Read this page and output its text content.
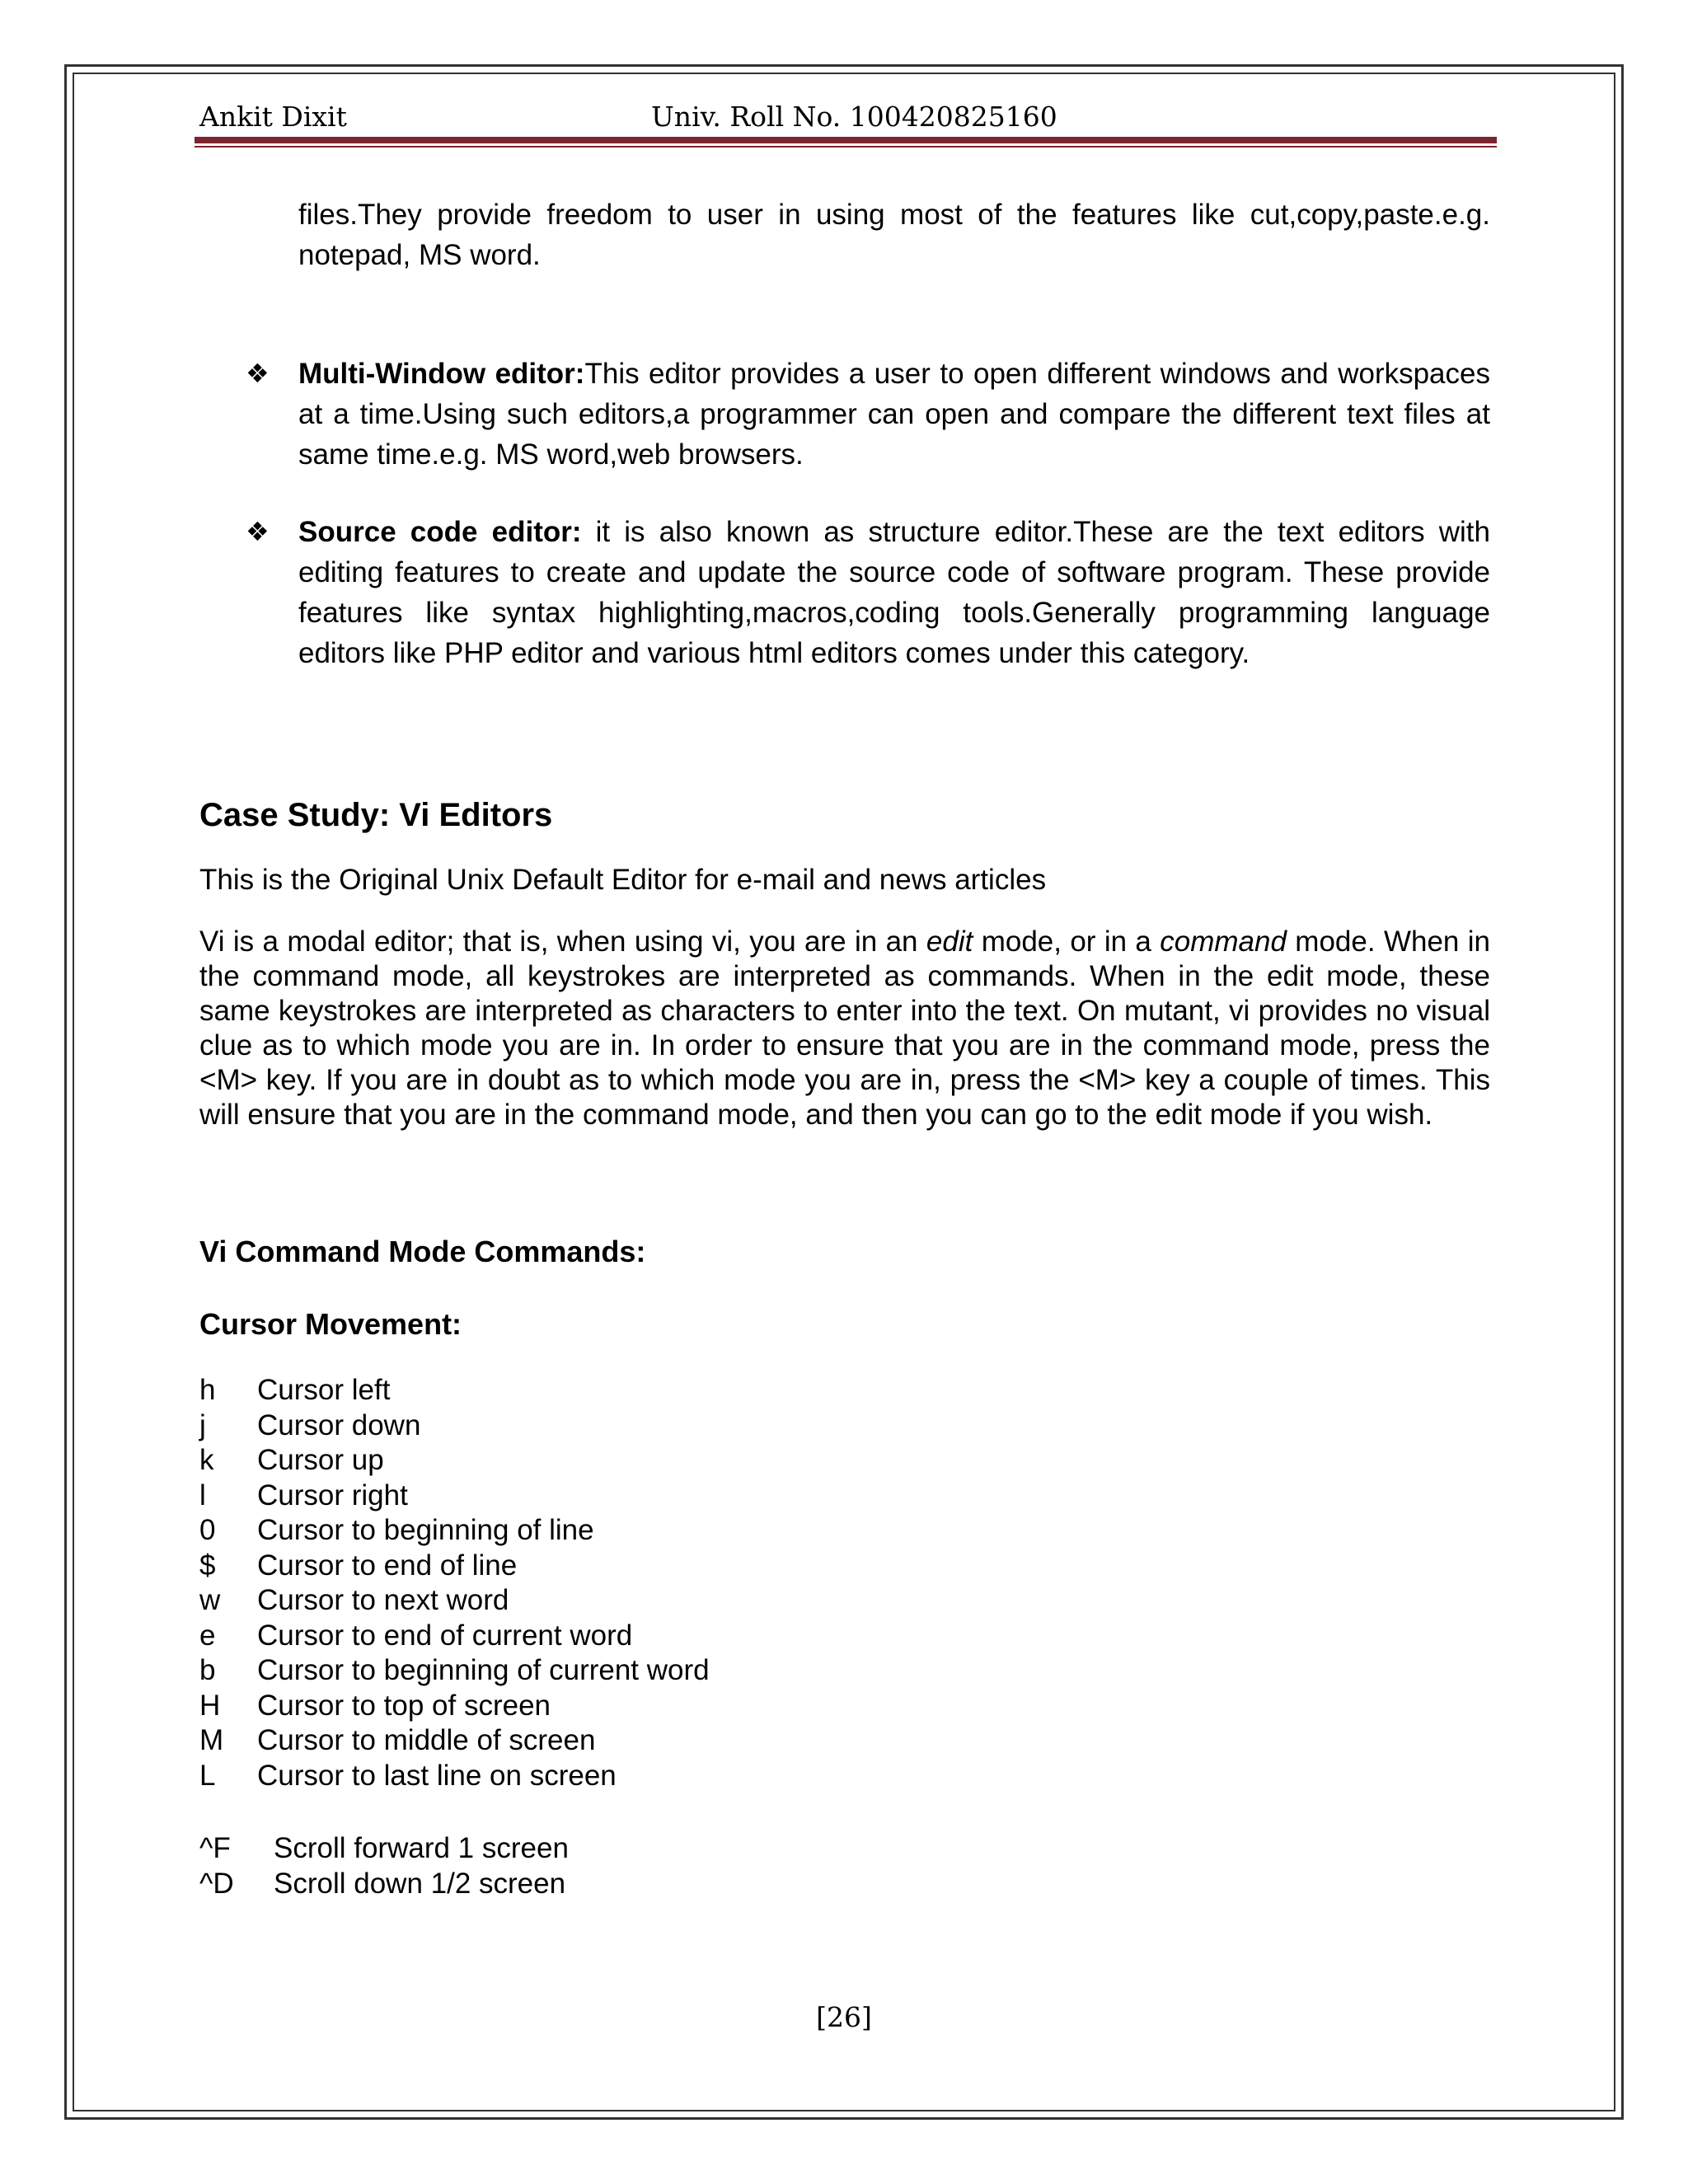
Ankit Dixit	Univ. Roll No. 100420825160
files.They provide freedom to user in using most of the features like cut,copy,paste.e.g. notepad, MS word.
❖ Multi-Window editor:This editor provides a user to open different windows and workspaces at a time.Using such editors,a programmer can open and compare the different text files at same time.e.g. MS word,web browsers.
❖ Source code editor: it is also known as structure editor.These are the text editors with editing features to create and update the source code of software program. These provide features like syntax highlighting,macros,coding tools.Generally programming language editors like PHP editor and various html editors comes under this category.
Case Study: Vi Editors
This is the Original Unix Default Editor for e-mail and news articles
Vi is a modal editor; that is, when using vi, you are in an edit mode, or in a command mode. When in the command mode, all keystrokes are interpreted as commands. When in the edit mode, these same keystrokes are interpreted as characters to enter into the text. On mutant, vi provides no visual clue as to which mode you are in. In order to ensure that you are in the command mode, press the <M> key. If you are in doubt as to which mode you are in, press the <M> key a couple of times. This will ensure that you are in the command mode, and then you can go to the edit mode if you wish.
Vi Command Mode Commands:
Cursor Movement:
h	Cursor left
j	Cursor down
k	Cursor up
l	Cursor right
0	Cursor to beginning of line
$	Cursor to end of line
w	Cursor to next word
e	Cursor to end of current word
b	Cursor to beginning of current word
H	Cursor to top of screen
M	Cursor to middle of screen
L	Cursor to last line on screen
^F	Scroll forward 1 screen
^D	Scroll down 1/2 screen
[26]
